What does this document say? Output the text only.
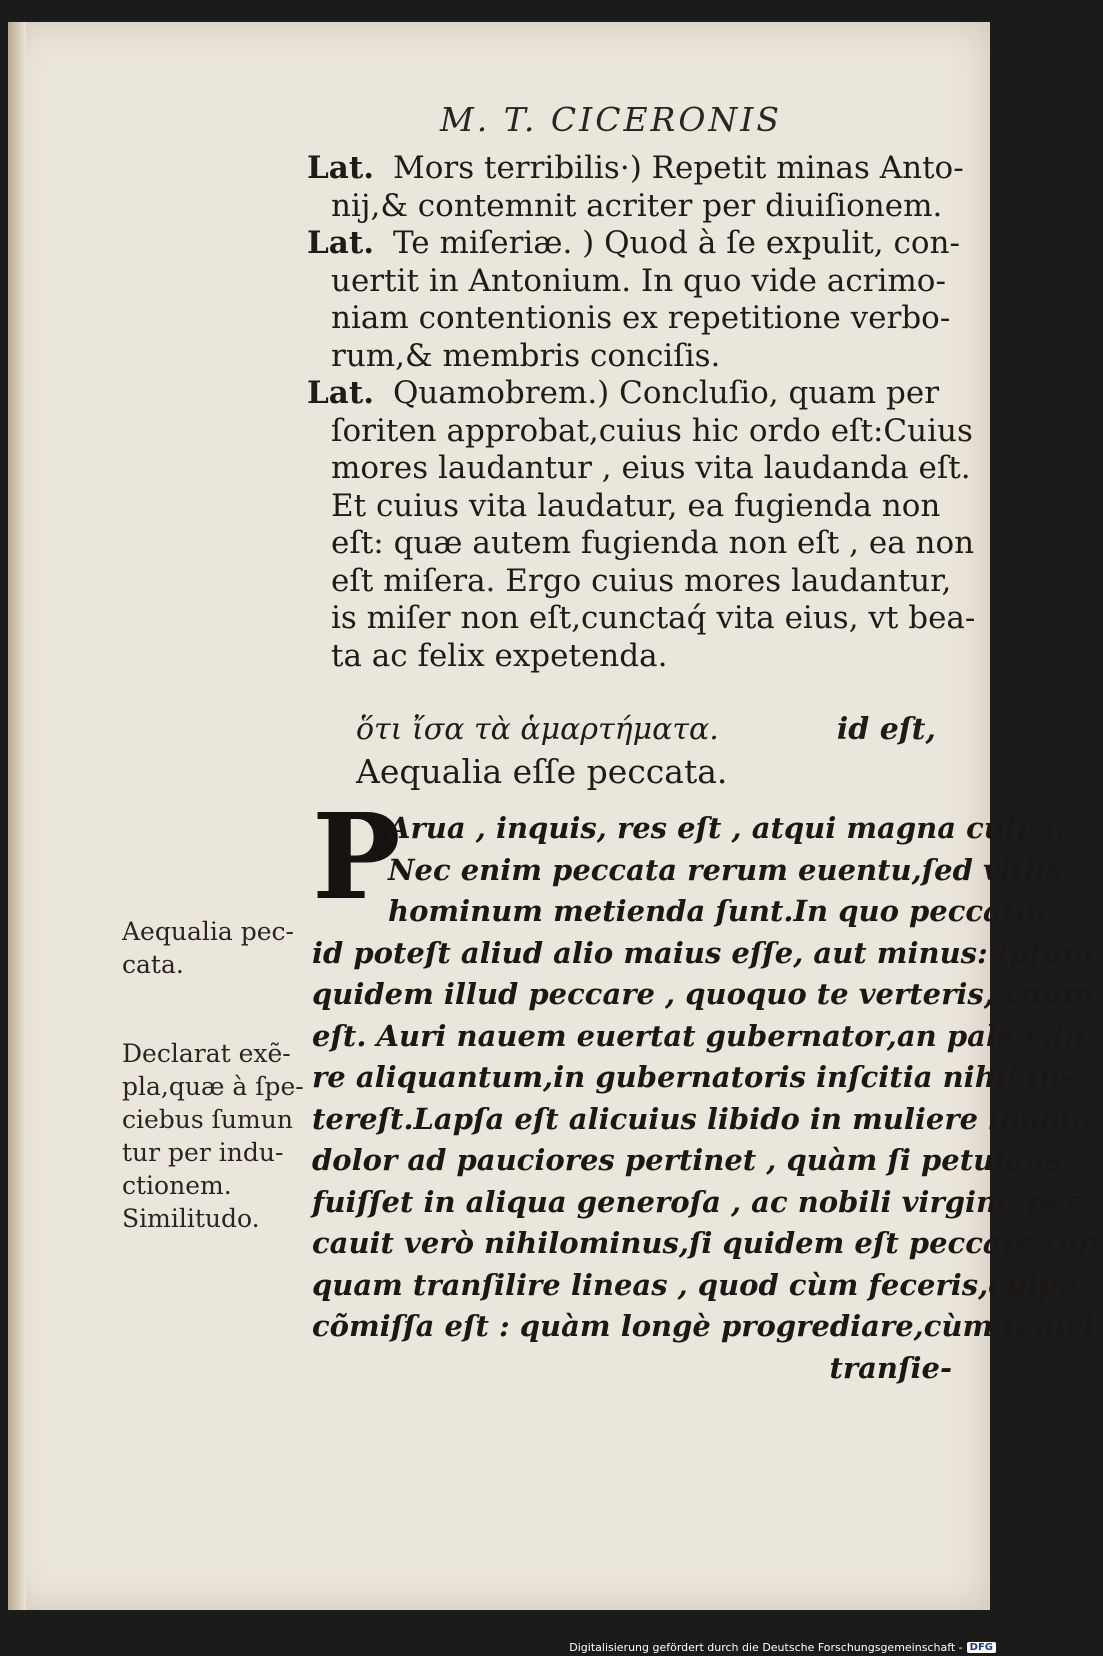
M. T. CICERONIS
Lat. Mors terribilis·) Repetit minas Anto-
nij,& contemnit acriter per diuiſionem.
Lat. Te miſeriæ. ) Quod à ſe expulit, con-
uertit in Antonium. In quo vide acrimo-
niam contentionis ex repetitione verbo-
rum,& membris conciſis.
Lat. Quamobrem.) Concluſio, quam per
ſoriten approbat,cuius hic ordo eſt:Cuius
mores laudantur , eius vita laudanda eſt.
Et cuius vita laudatur, ea fugienda non
eſt: quæ autem fugienda non eſt , ea non
eſt miſera. Ergo cuius mores laudantur,
is miſer non eſt,cunctaq́ vita eius, vt bea-
ta ac felix expetenda.
ὅτι ἴσα τὰ ἁμαρτήματα.	id eſt,
Aequalia eſſe peccata.
P
Arua , inquis, res eſt , atqui magna culpa.
Nec enim peccata rerum euentu,ſed vitijs
hominum metienda ſunt.In quo peccatur,
id poteſt aliud alio maius eſſe, aut minus: ipſum
quidem illud peccare , quoquo te verteris, vnum
eſt. Auri nauem euertat gubernator,an paleæ,in
re aliquantum,in gubernatoris inſcitia nihil in-
tereſt.Lapſa eſt alicuius libido in muliere ignota:
dolor ad pauciores pertinet , quàm ſi petulans
fuiſſet in aliqua generoſa , ac nobili virgine:pec-
cauit verò nihilominus,ſi quidem eſt peccare,tan
quam tranſilire lineas , quod cùm feceris,culpa
cõmiſſa eſt : quàm longè progrediare,cùm ſemel
tranſie-
Aequalia pec-
cata.
Declarat exẽ-
pla,quæ à ſpe-
ciebus ſumun
tur per indu-
ctionem.
Similitudo.
Digitalisierung gefördert durch die Deutsche Forschungsgemeinschaft - DFG
